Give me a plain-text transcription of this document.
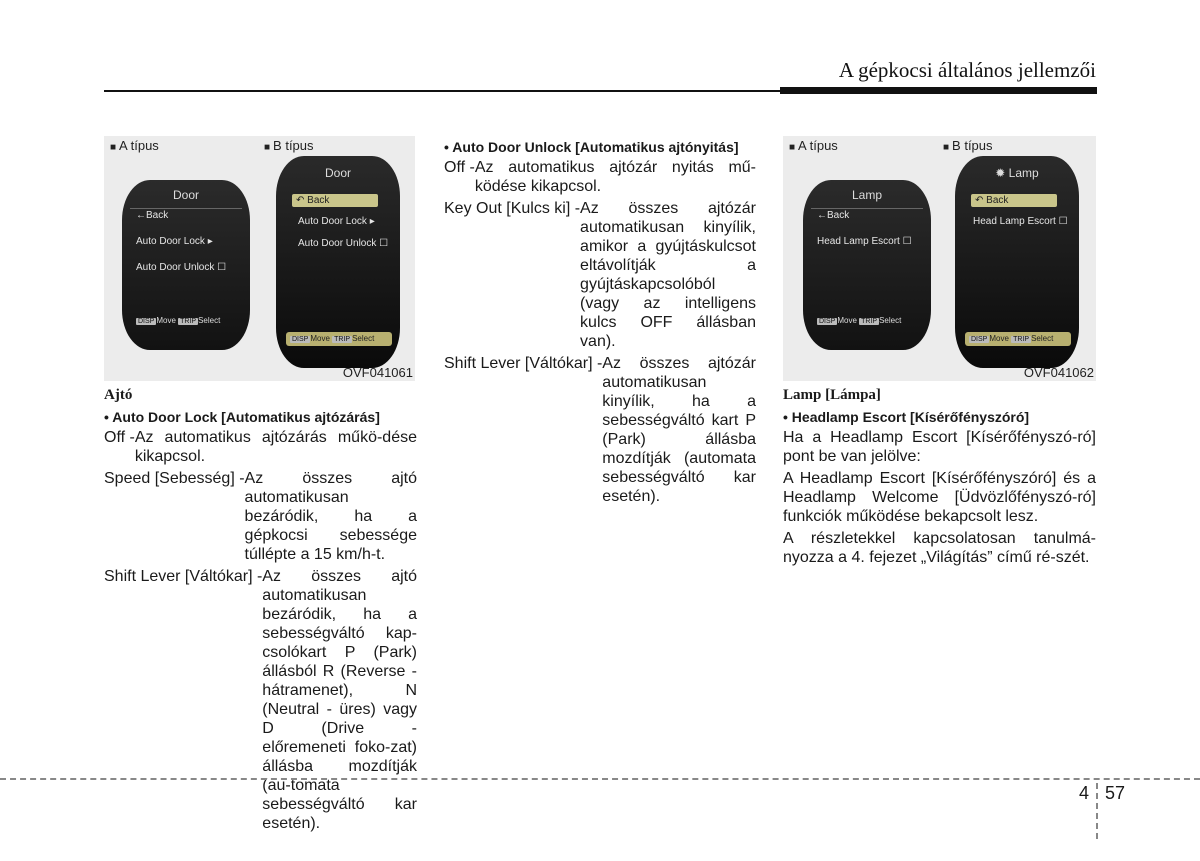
A gépkocsi általános jellemzői
■ A típus	■ B típus
Door
←Back
Auto Door Lock ▸
Auto Door Unlock ☐
DISP Move TRIP Select
Door
↶ Back
Auto Door Lock ▸
Auto Door Unlock ☐
DISP Move TRIP Select
OVF041061
Ajtó
• Auto Door Lock [Automatikus ajtózárás]
Off - Az automatikus ajtózárás műkö-dése kikapcsol.
Speed [Sebesség] - Az összes ajtó automatikusan bezáródik, ha a gépkocsi sebessége túllépte a 15 km/h-t.
Shift Lever [Váltókar] - Az összes ajtó automatikusan bezáródik, ha a sebességváltó kap-csolókart P (Park) állásból R (Reverse - hátramenet), N (Neutral - üres) vagy D (Drive - előremeneti foko-zat) állásba mozdítják (au-tomata sebességváltó kar esetén).
• Auto Door Unlock [Automatikus ajtónyitás]
Off - Az automatikus ajtózár nyitás mű-ködése kikapcsol.
Key Out [Kulcs ki] - Az összes ajtózár automatikusan kinyílik, amikor a gyújtáskulcsot eltávolítják a gyújtáskapcsolóból (vagy az intelligens kulcs OFF állásban van).
Shift Lever [Váltókar] - Az összes ajtózár automatikusan kinyílik, ha a sebességváltó kart P (Park) állásba mozdítják (automata sebességváltó kar esetén).
■ A típus	■ B típus
Lamp
←Back
Head Lamp Escort ☐
DISP Move TRIP Select
✹ Lamp
↶ Back
Head Lamp Escort ☐
DISP Move TRIP Select
OVF041062
Lamp [Lámpa]
• Headlamp Escort [Kísérőfényszóró]

Ha a Headlamp Escort [Kísérőfényszó-ró] pont be van jelölve:

A Headlamp Escort [Kísérőfényszóró] és a Headlamp Welcome [Üdvözlőfényszó-ró] funkciók működése bekapcsolt lesz.

A részletekkel kapcsolatosan tanulmá-nyozza a 4. fejezet „Világítás” című ré-szét.

4 57
